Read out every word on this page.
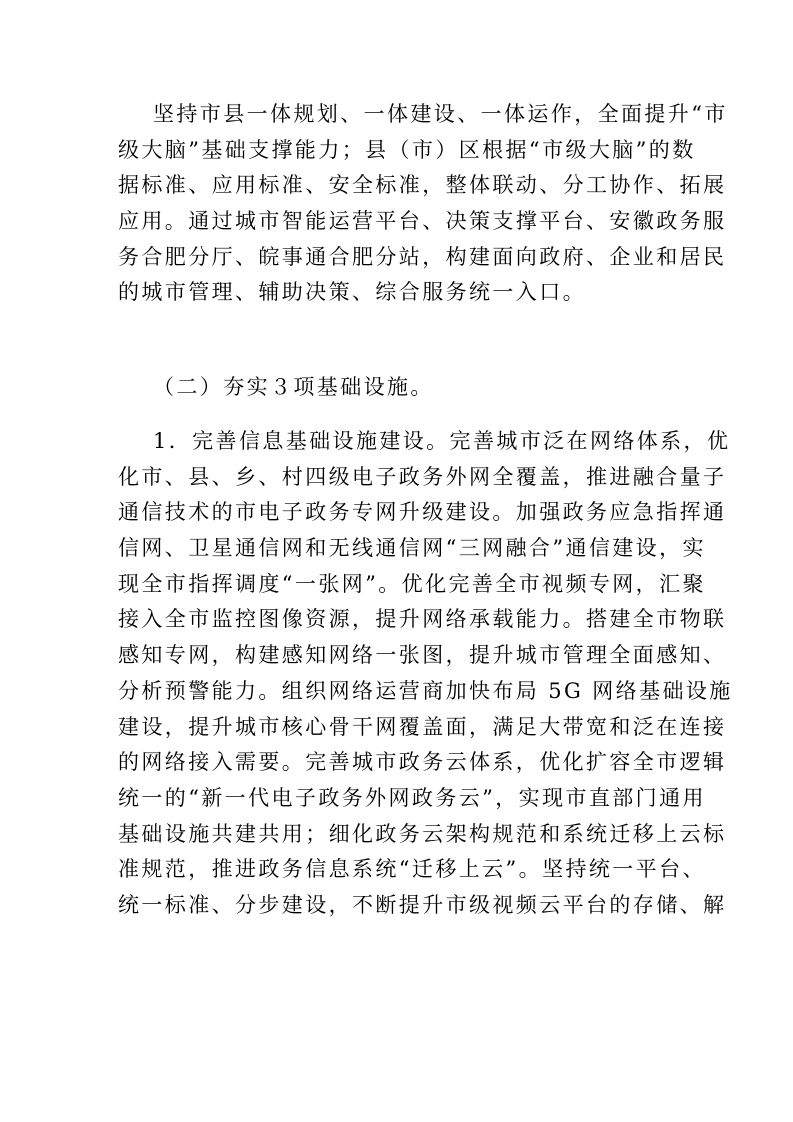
坚持市县一体规划、一体建设、一体运作，全面提升“市
级大脑”基础支撑能力；县（市）区根据“市级大脑”的数
据标准、应用标准、安全标准，整体联动、分工协作、拓展
应用。通过城市智能运营平台、决策支撑平台、安徽政务服
务合肥分厅、皖事通合肥分站，构建面向政府、企业和居民
的城市管理、辅助决策、综合服务统一入口。
（二）夯实３项基础设施。
1．完善信息基础设施建设。完善城市泛在网络体系，优
化市、县、乡、村四级电子政务外网全覆盖，推进融合量子
通信技术的市电子政务专网升级建设。加强政务应急指挥通
信网、卫星通信网和无线通信网“三网融合”通信建设，实
现全市指挥调度“一张网”。优化完善全市视频专网，汇聚
接入全市监控图像资源，提升网络承载能力。搭建全市物联
感知专网，构建感知网络一张图，提升城市管理全面感知、
分析预警能力。组织网络运营商加快布局 5G 网络基础设施
建设，提升城市核心骨干网覆盖面，满足大带宽和泛在连接
的网络接入需要。完善城市政务云体系，优化扩容全市逻辑
统一的“新一代电子政务外网政务云”，实现市直部门通用
基础设施共建共用；细化政务云架构规范和系统迁移上云标
准规范，推进政务信息系统“迁移上云”。坚持统一平台、
统一标准、分步建设，不断提升市级视频云平台的存储、解
